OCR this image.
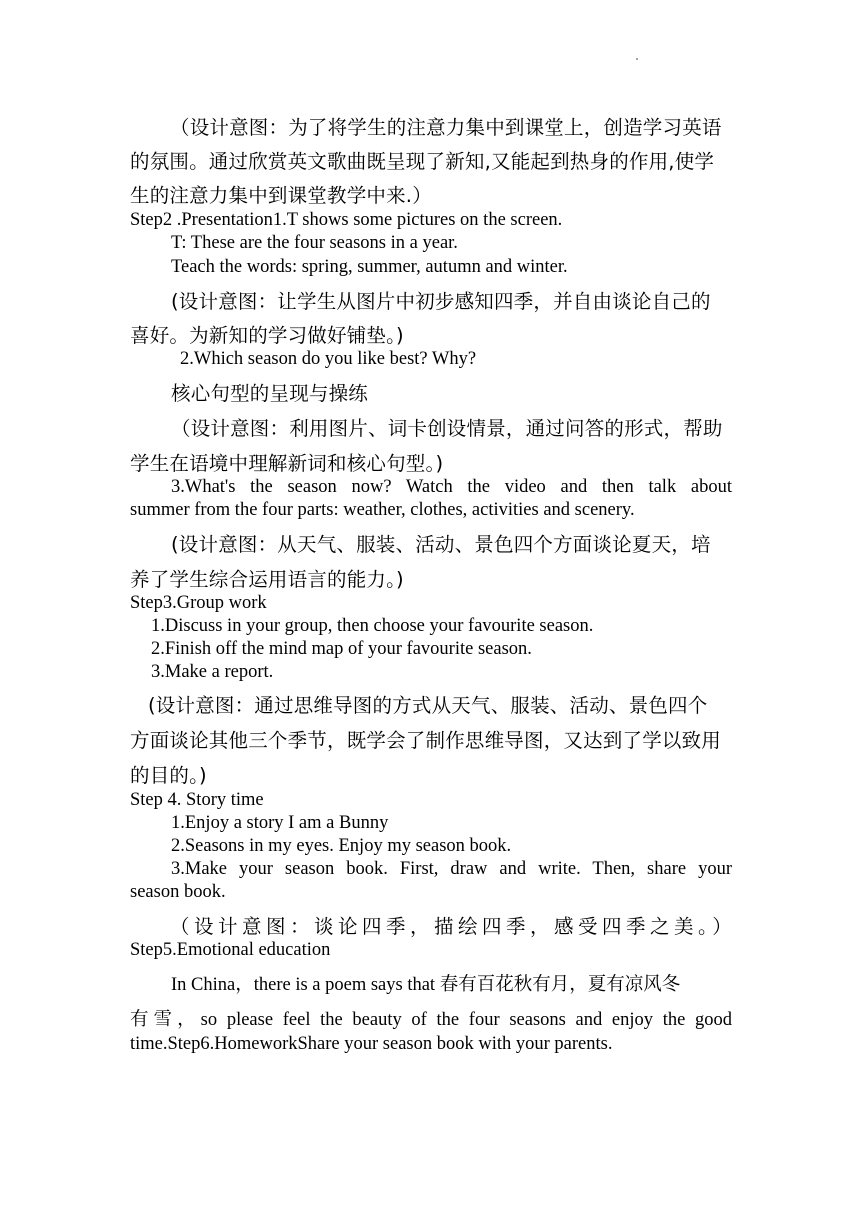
（设计意图：为了将学生的注意力集中到课堂上，创造学习英语
的氛围。通过欣赏英文歌曲既呈现了新知,又能起到热身的作用,使学
生的注意力集中到课堂教学中来.）
Step2 .Presentation1.T shows some pictures on the screen.
T: These are the four seasons in a year.
Teach the words: spring, summer, autumn and winter.
(设计意图：让学生从图片中初步感知四季，并自由谈论自己的
喜好。为新知的学习做好铺垫。)
2.Which season do you like best? Why?
核心句型的呈现与操练
（设计意图：利用图片、词卡创设情景，通过问答的形式，帮助
学生在语境中理解新词和核心句型。)
3.What's the season now? Watch the video and then talk about
summer from the four parts: weather, clothes, activities and scenery.
(设计意图：从天气、服装、活动、景色四个方面谈论夏天，培
养了学生综合运用语言的能力。)
Step3.Group work
1.Discuss in your group, then choose your favourite season.
2.Finish off the mind map of your favourite season.
3.Make a report.
(设计意图：通过思维导图的方式从天气、服装、活动、景色四个
方面谈论其他三个季节，既学会了制作思维导图，又达到了学以致用
的目的。)
Step 4. Story time
1.Enjoy a story I am a Bunny
2.Seasons in my eyes. Enjoy my season book.
3.Make your season book. First, draw and write. Then, share your
season book.
（设计意图：谈论四季，描绘四季，感受四季之美。）
Step5.Emotional education
In China，there is a poem says that 春有百花秋有月，夏有凉风冬
有雪，so please feel the beauty of the four seasons and enjoy the good
time.Step6.HomeworkShare your season book with your parents.
